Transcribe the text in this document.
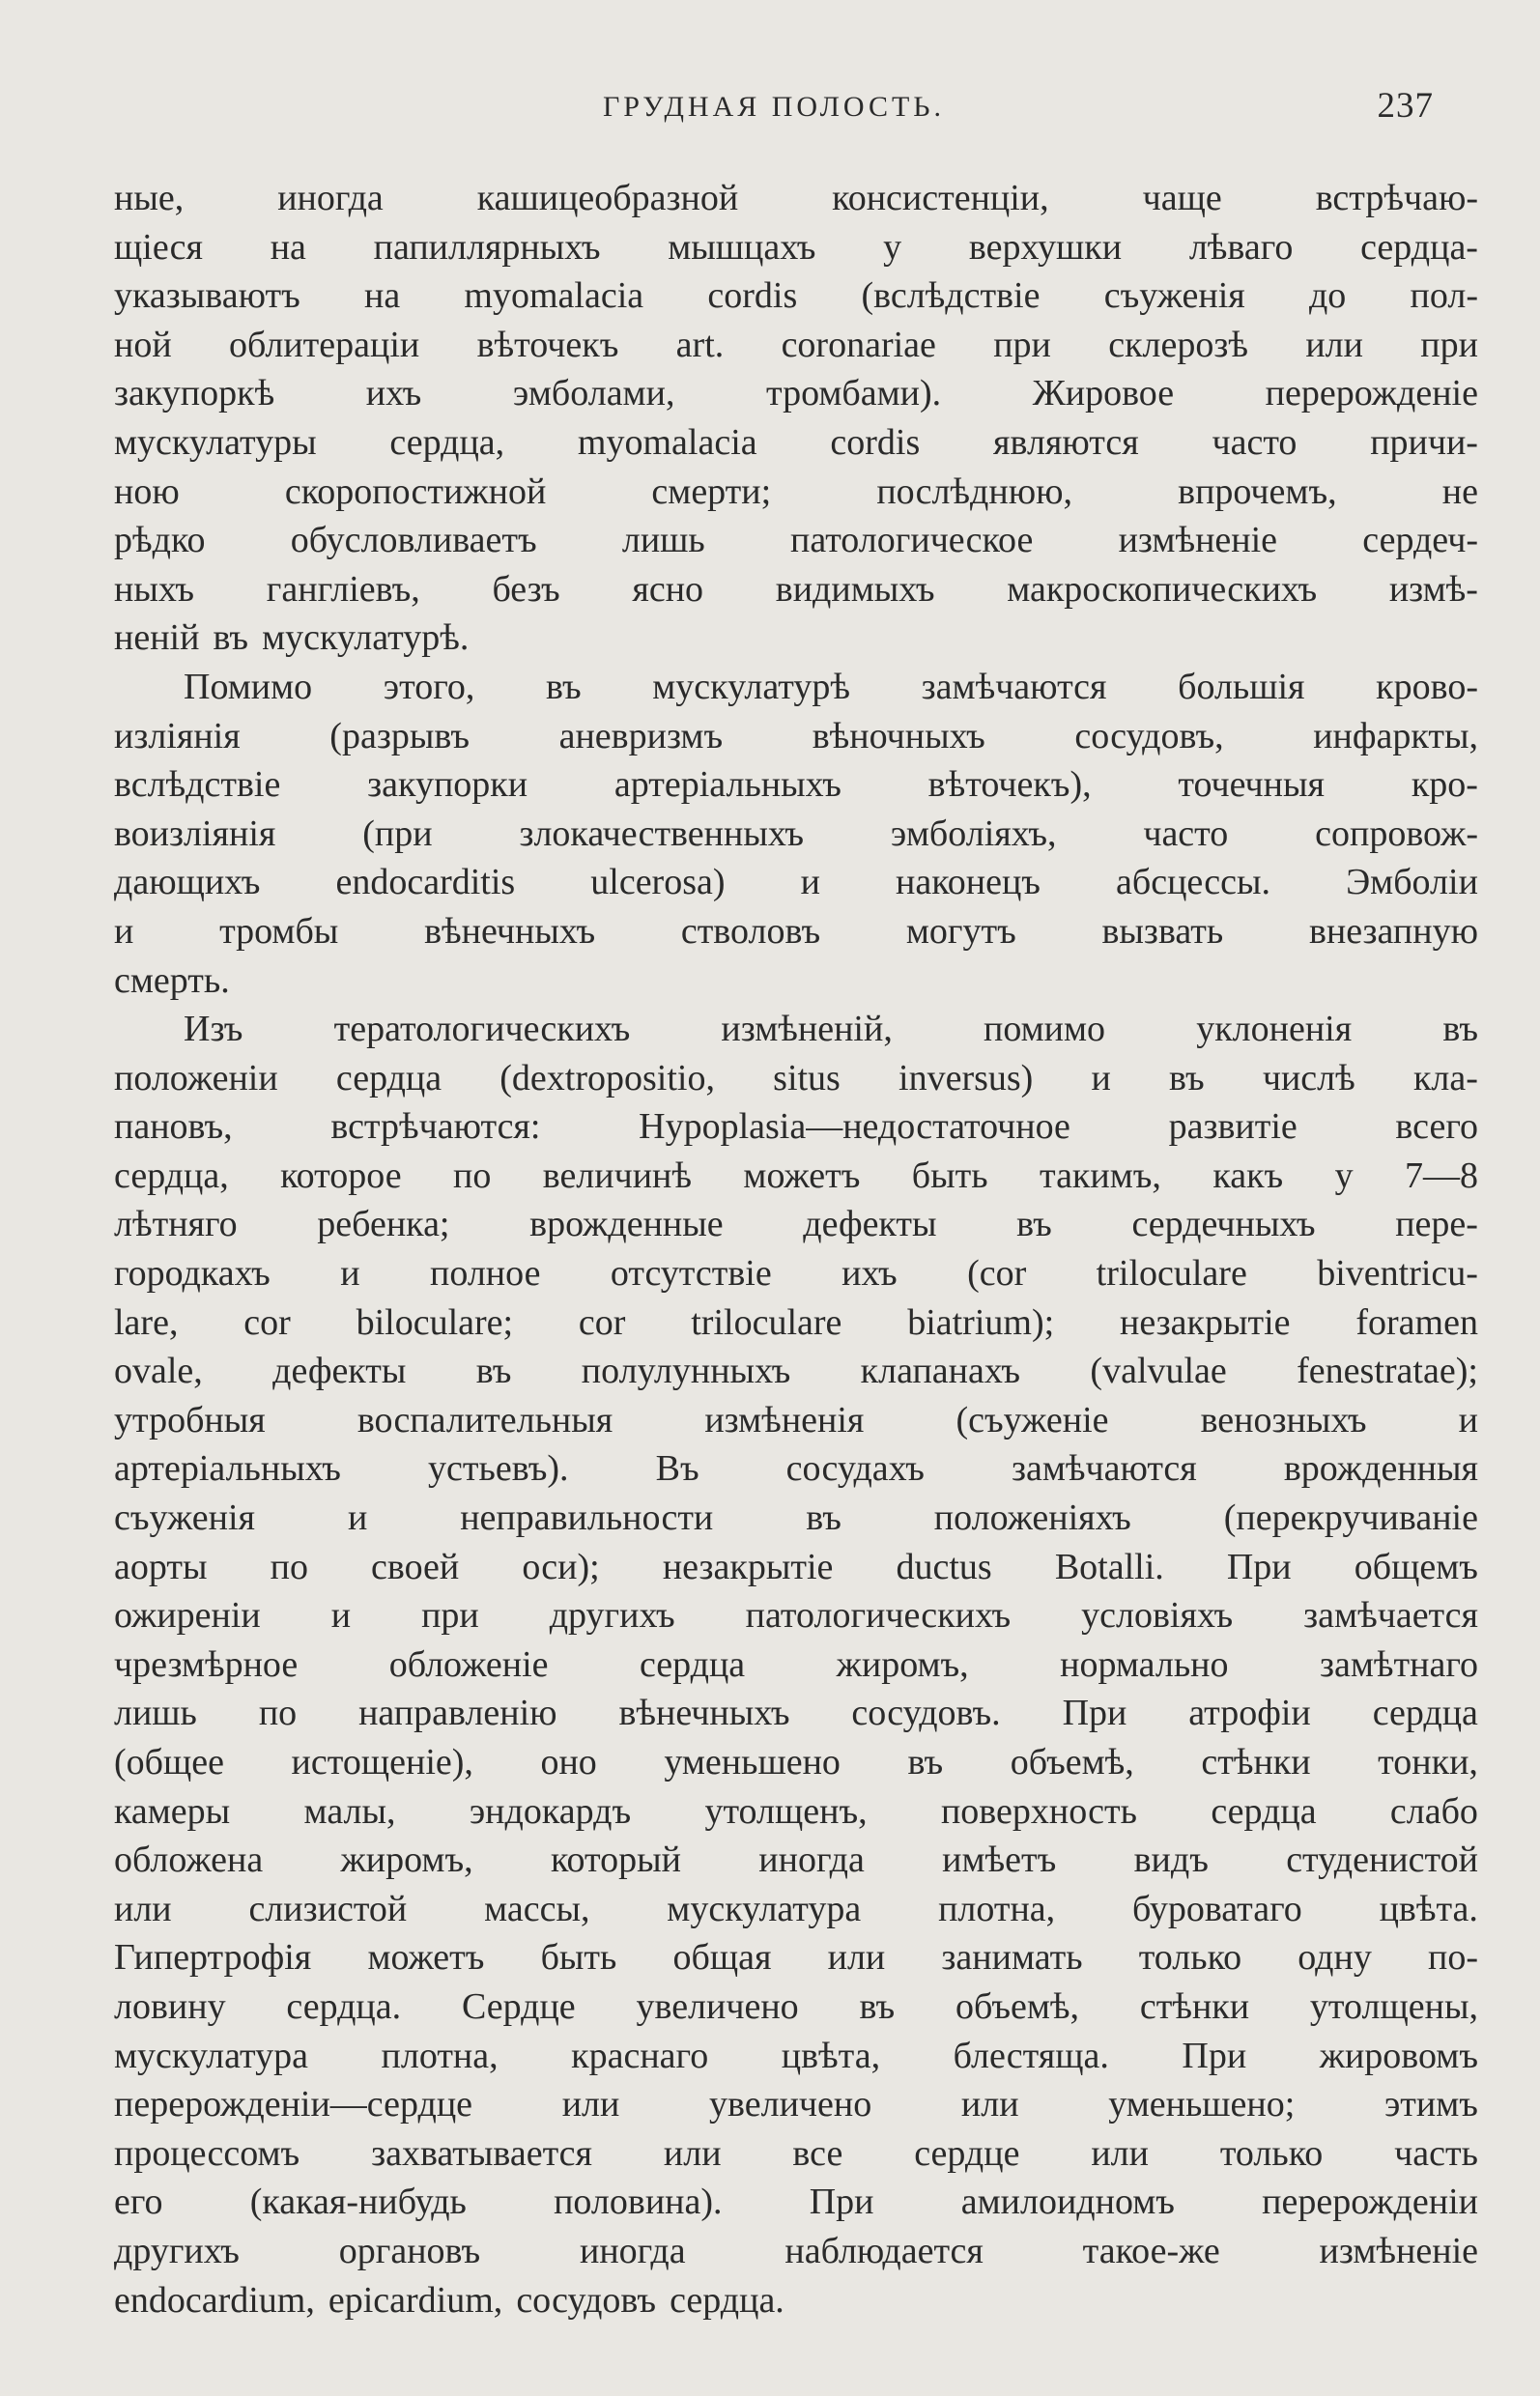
ГРУДНАЯ ПОЛОСТЬ.	237
ные,	иногда	кашицеобразной	консистенціи,	чаще	встрѣчаю-
щіеся на папиллярныхъ мышцахъ у верхушки лѣваго сердца-
указываютъ на myomalacia cordis (вслѣдствіе съуженія до пол-
ной облитераціи вѣточекъ art. coronariae при склерозѣ или при
закупоркѣ ихъ эмболами, тромбами). Жировое перерожденіе
мускулатуры сердца, myomalacia cordis являются часто причи-
ною	скоропостижной	смерти;	послѣднюю,	впрочемъ,	не
рѣдко обусловливаетъ лишь патологическое измѣненіе сердеч-
ныхъ гангліевъ, безъ ясно видимыхъ макроскопическихъ измѣ-
неній въ мускулатурѣ.
Помимо этого, въ мускулатурѣ замѣчаются большія крово-
изліянія (разрывъ аневризмъ вѣночныхъ сосудовъ, инфаркты,
вслѣдствіе закупорки артеріальныхъ вѣточекъ), точечныя кро-
воизліянія (при злокачественныхъ эмболіяхъ, часто сопровож-
дающихъ endocarditis ulcerosa) и наконецъ абсцессы. Эмболіи
и тромбы вѣнечныхъ стволовъ могутъ вызвать внезапную
смерть.
Изъ тератологическихъ измѣненій, помимо уклоненія въ
положеніи сердца (dextropositio, situs inversus) и въ числѣ кла-
пановъ,	встрѣчаются:	Hypoplasia—недостаточное	развитіе	всего
сердца, которое по величинѣ можетъ быть такимъ, какъ у 7—8
лѣтняго ребенка; врожденные дефекты въ сердечныхъ пере-
городкахъ и полное отсутствіе ихъ (cor triloculare biventricu-
lare, cor biloculare; cor triloculare biatrium); незакрытіе foramen
ovale, дефекты въ полулунныхъ клапанахъ (valvulae fenestratae);
утробныя	воспалительныя	измѣненія	(съуженіе	венозныхъ	и
артеріальныхъ устьевъ). Въ сосудахъ замѣчаются врожденныя
съуженія	и	неправильности	въ	положеніяхъ	(перекручиваніе
аорты по своей оси); незакрытіе ductus Botalli. При общемъ
ожиреніи и при другихъ патологическихъ условіяхъ замѣчается
чрезмѣрное обложеніе сердца жиромъ, нормально замѣтнаго
лишь по направленію вѣнечныхъ сосудовъ. При атрофіи сердца
(общее истощеніе), оно уменьшено въ объемѣ, стѣнки тонки,
камеры малы, эндокардъ утолщенъ, поверхность сердца слабо
обложена жиромъ, который иногда имѣетъ видъ студенистой
или слизистой массы, мускулатура плотна, буроватаго цвѣта.
Гипертрофія можетъ быть общая или занимать только одну по-
ловину сердца. Сердце увеличено въ объемѣ, стѣнки утолщены,
мускулатура плотна, краснаго цвѣта, блестяща. При жировомъ
перерожденіи—сердце или увеличено или уменьшено; этимъ
процессомъ захватывается или все сердце или только часть
его (какая-нибудь половина). При амилоидномъ перерожденіи
другихъ	органовъ	иногда	наблюдается	такое-же	измѣненіе
endocardium, epicardium, сосудовъ сердца.
